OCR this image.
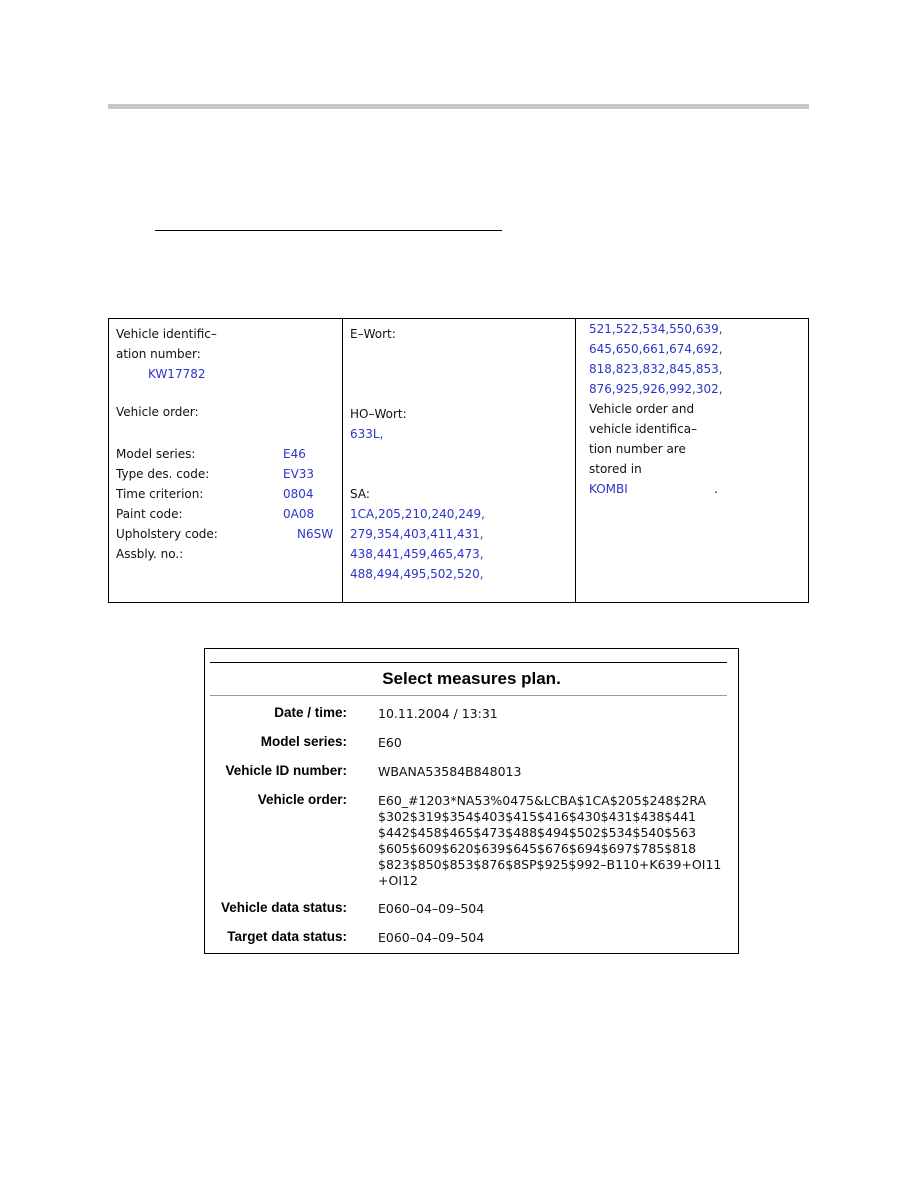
Vehicle identific–
ation number:
KW17782
Vehicle order:
Model series:	E46
Type des. code:	EV33
Time criterion:	0804
Paint code:	0A08
Upholstery code:	N6SW
Assbly. no.:
E–Wort:
HO–Wort:
633L,
SA:
1CA,205,210,240,249,
279,354,403,411,431,
438,441,459,465,473,
488,494,495,502,520,
521,522,534,550,639,
645,650,661,674,692,
818,823,832,845,853,
876,925,926,992,302,
Vehicle order and
vehicle identifica–
tion number are
stored in
KOMBI	.
Select measures plan.
Date / time: 10.11.2004 / 13:31
Model series: E60
Vehicle ID number: WBANA53584B848013
Vehicle order: E60_#1203*NA53%0475&LCBA$1CA$205$248$2RA
$302$319$354$403$415$416$430$431$438$441
$442$458$465$473$488$494$502$534$540$563
$605$609$620$639$645$676$694$697$785$818
$823$850$853$876$8SP$925$992–B110+K639+OI11
+OI12
Vehicle data status: E060–04–09–504
Target data status: E060–04–09–504
